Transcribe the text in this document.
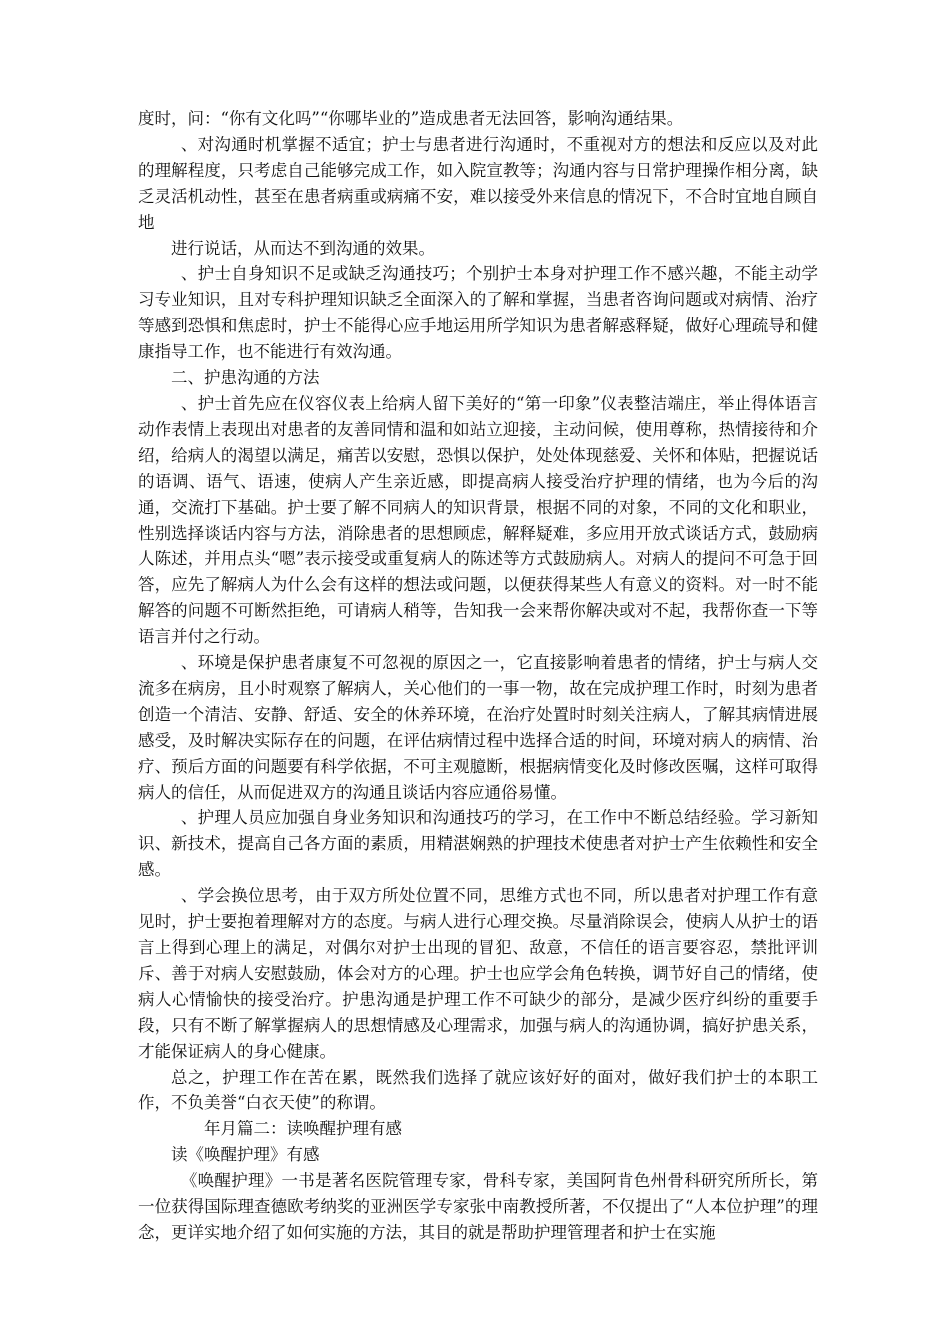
度时，问：“你有文化吗”“你哪毕业的”造成患者无法回答，影响沟通结果。

、对沟通时机掌握不适宜；护士与患者进行沟通时，不重视对方的想法和反应以及对此的理解程度，只考虑自己能够完成工作，如入院宣教等；沟通内容与日常护理操作相分离，缺乏灵活机动性，甚至在患者病重或病痛不安，难以接受外来信息的情况下，不合时宜地自顾自地

进行说话，从而达不到沟通的效果。

、护士自身知识不足或缺乏沟通技巧；个别护士本身对护理工作不感兴趣，不能主动学习专业知识，且对专科护理知识缺乏全面深入的了解和掌握，当患者咨询问题或对病情、治疗等感到恐惧和焦虑时，护士不能得心应手地运用所学知识为患者解惑释疑，做好心理疏导和健康指导工作，也不能进行有效沟通。

二、护患沟通的方法

、护士首先应在仪容仪表上给病人留下美好的“第一印象”仪表整洁端庄，举止得体语言动作表情上表现出对患者的友善同情和温和如站立迎接，主动问候，使用尊称，热情接待和介绍，给病人的渴望以满足，痛苦以安慰，恐惧以保护，处处体现慈爱、关怀和体贴，把握说话的语调、语气、语速，使病人产生亲近感，即提高病人接受治疗护理的情绪，也为今后的沟通，交流打下基础。护士要了解不同病人的知识背景，根据不同的对象，不同的文化和职业，性别选择谈话内容与方法，消除患者的思想顾虑，解释疑难，多应用开放式谈话方式，鼓励病人陈述，并用点头“嗯”表示接受或重复病人的陈述等方式鼓励病人。对病人的提问不可急于回答，应先了解病人为什么会有这样的想法或问题，以便获得某些人有意义的资料。对一时不能解答的问题不可断然拒绝，可请病人稍等，告知我一会来帮你解决或对不起，我帮你查一下等语言并付之行动。

、环境是保护患者康复不可忽视的原因之一，它直接影响着患者的情绪，护士与病人交流多在病房，且小时观察了解病人，关心他们的一事一物，故在完成护理工作时，时刻为患者创造一个清洁、安静、舒适、安全的休养环境，在治疗处置时时刻关注病人，了解其病情进展感受，及时解决实际存在的问题，在评估病情过程中选择合适的时间，环境对病人的病情、治疗、预后方面的问题要有科学依据，不可主观臆断，根据病情变化及时修改医嘱，这样可取得病人的信任，从而促进双方的沟通且谈话内容应通俗易懂。

、护理人员应加强自身业务知识和沟通技巧的学习，在工作中不断总结经验。学习新知识、新技术，提高自己各方面的素质，用精湛娴熟的护理技术使患者对护士产生依赖性和安全感。

、学会换位思考，由于双方所处位置不同，思维方式也不同，所以患者对护理工作有意见时，护士要抱着理解对方的态度。与病人进行心理交换。尽量消除误会，使病人从护士的语言上得到心理上的满足，对偶尔对护士出现的冒犯、敌意，不信任的语言要容忍，禁批评训斥、善于对病人安慰鼓励，体会对方的心理。护士也应学会角色转换，调节好自己的情绪，使病人心情愉快的接受治疗。护患沟通是护理工作不可缺少的部分，是减少医疗纠纷的重要手段，只有不断了解掌握病人的思想情感及心理需求，加强与病人的沟通协调，搞好护患关系，才能保证病人的身心健康。

总之，护理工作在苦在累，既然我们选择了就应该好好的面对，做好我们护士的本职工作，不负美誉“白衣天使”的称谓。

年月篇二：读唤醒护理有感

读《唤醒护理》有感

《唤醒护理》一书是著名医院管理专家，骨科专家，美国阿肯色州骨科研究所所长，第一位获得国际理查德欧考纳奖的亚洲医学专家张中南教授所著，不仅提出了“人本位护理”的理念，更详实地介绍了如何实施的方法，其目的就是帮助护理管理者和护士在实施
